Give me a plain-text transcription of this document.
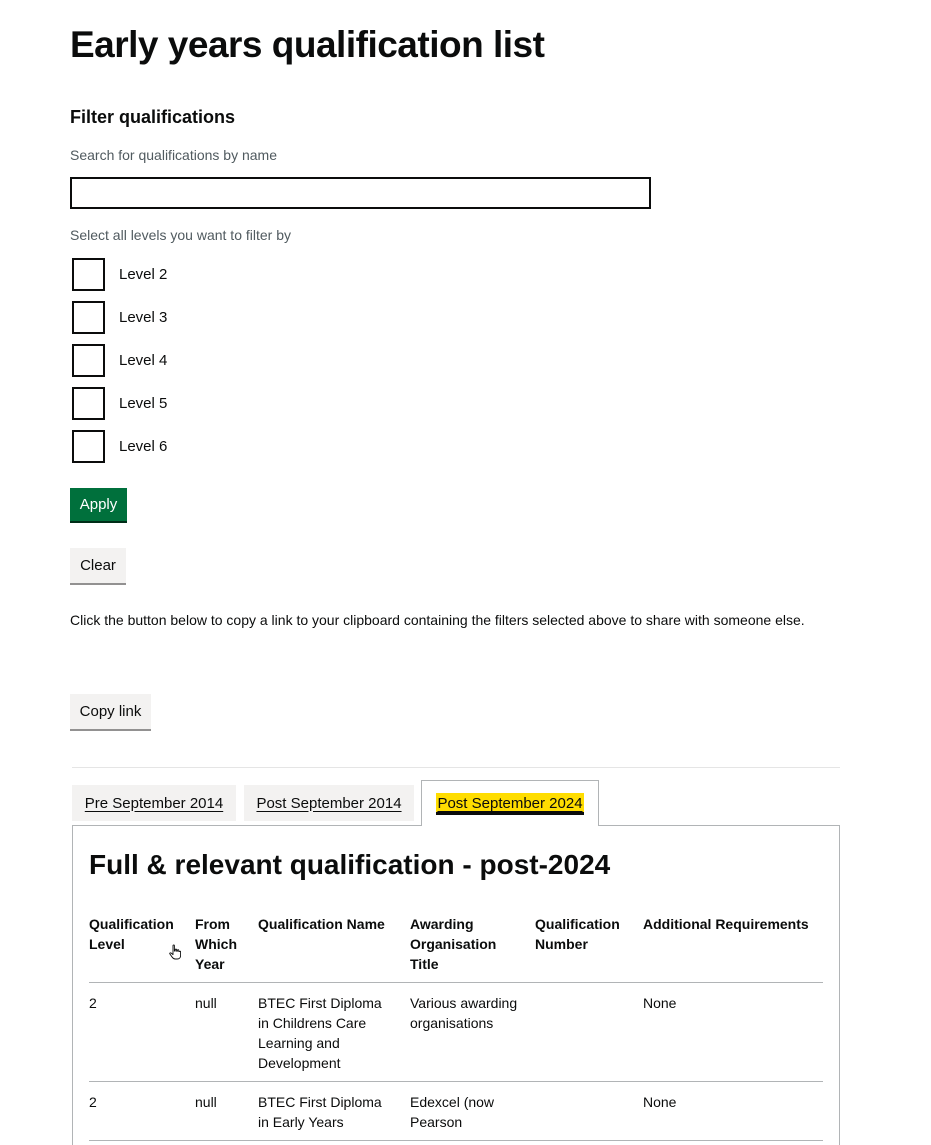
Early years qualification list
Filter qualifications
Search for qualifications by name
Select all levels you want to filter by
Level 2
Level 3
Level 4
Level 5
Level 6
Apply
Clear
Click the button below to copy a link to your clipboard containing the filters selected above to share with someone else.
Copy link
Pre September 2014 Post September 2014 Post September 2024
Full & relevant qualification - post-2024
Qualification Level	From Which Year	Qualification Name	Awarding Organisation Title	Qualification Number	Additional Requirements

2	null	BTEC First Diploma in Childrens Care Learning and Development	Various awarding organisations		None

2	null	BTEC First Diploma in Early Years	Edexcel (now Pearson		None
